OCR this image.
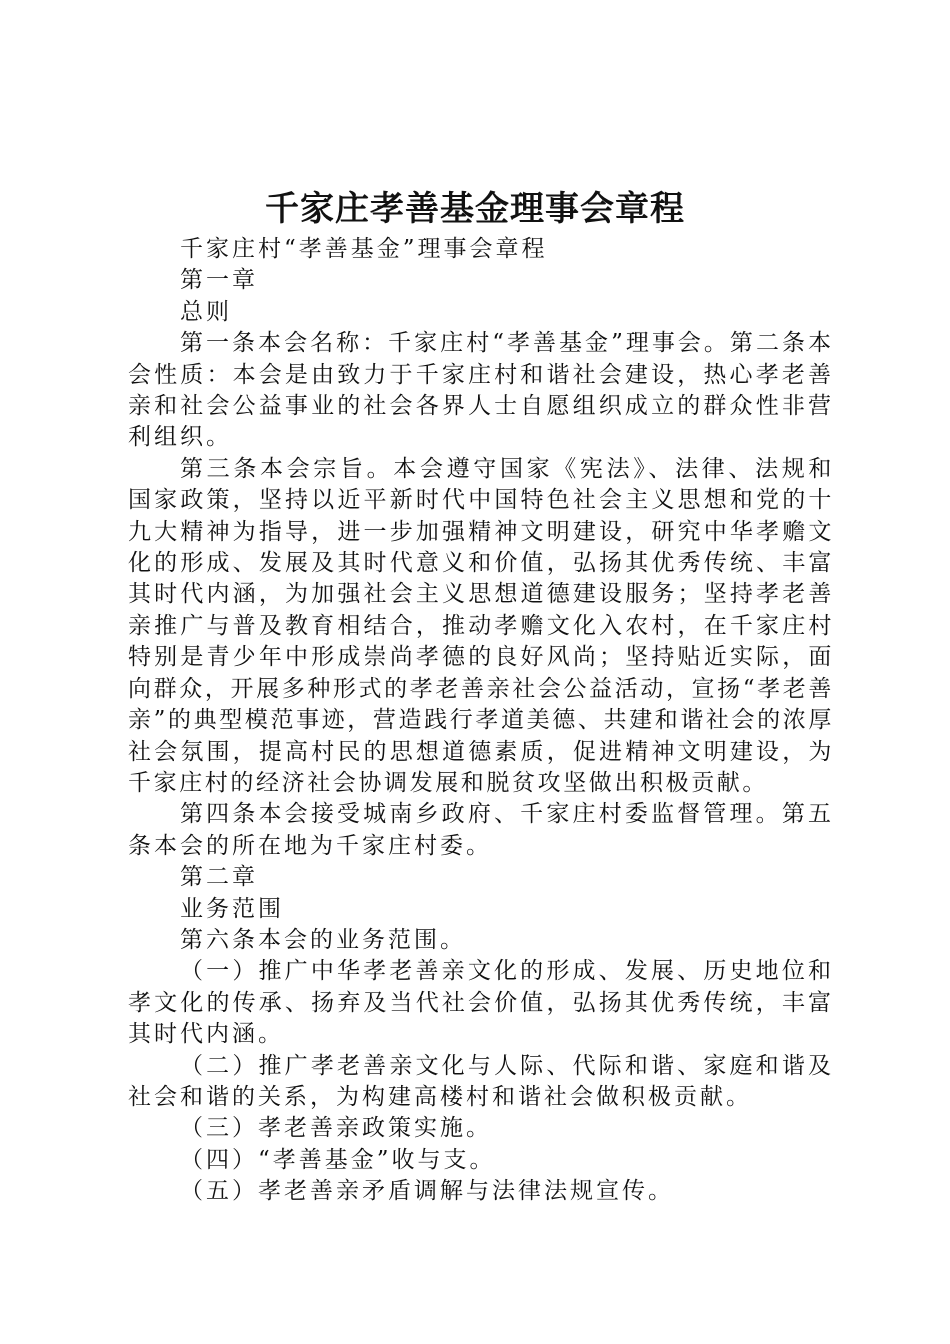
千家庄孝善基金理事会章程

千家庄村“孝善基金”理事会章程

第一章

总则

第一条本会名称：千家庄村“孝善基金”理事会。第二条本会性质：本会是由致力于千家庄村和谐社会建设，热心孝老善亲和社会公益事业的社会各界人士自愿组织成立的群众性非营利组织。

第三条本会宗旨。本会遵守国家《宪法》、法律、法规和国家政策，坚持以近平新时代中国特色社会主义思想和党的十九大精神为指导，进一步加强精神文明建设，研究中华孝赡文化的形成、发展及其时代意义和价值，弘扬其优秀传统、丰富其时代内涵，为加强社会主义思想道德建设服务；坚持孝老善亲推广与普及教育相结合，推动孝赡文化入农村，在千家庄村特别是青少年中形成崇尚孝德的良好风尚；坚持贴近实际，面向群众，开展多种形式的孝老善亲社会公益活动，宣扬“孝老善亲”的典型模范事迹，营造践行孝道美德、共建和谐社会的浓厚社会氛围，提高村民的思想道德素质，促进精神文明建设，为千家庄村的经济社会协调发展和脱贫攻坚做出积极贡献。

第四条本会接受城南乡政府、千家庄村委监督管理。第五条本会的所在地为千家庄村委。

第二章

业务范围

第六条本会的业务范围。

（一）推广中华孝老善亲文化的形成、发展、历史地位和孝文化的传承、扬弃及当代社会价值，弘扬其优秀传统，丰富其时代内涵。

（二）推广孝老善亲文化与人际、代际和谐、家庭和谐及社会和谐的关系，为构建高楼村和谐社会做积极贡献。

（三）孝老善亲政策实施。

（四）“孝善基金”收与支。

（五）孝老善亲矛盾调解与法律法规宣传。
